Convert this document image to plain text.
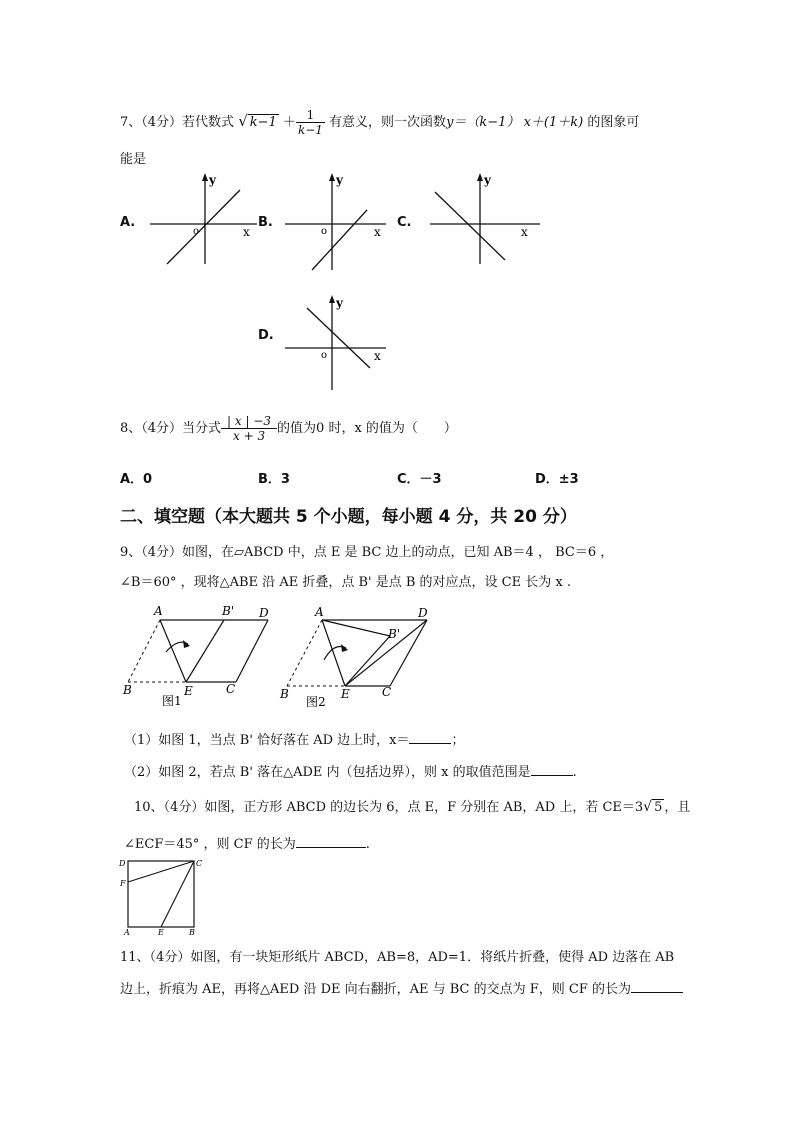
7、（4分）若代数式 √ $k-1 + \frac{1}{k-1}$ 有意义，则一次函数y＝（k−1） x＋(1＋k) 的图象可
能是
A.	B.	C.
D.
y
x
o
y
x
o
y
x
y
x
o
8、（4分）当分式 $\frac{| x | -3}{x + 3}$ 的值为0 时，x 的值为（　　）
A．0	B．3	C．－3	D．±3
二、填空题（本大题共 5 个小题，每小题 4 分，共 20 分）
9、（4分）如图，在▱ABCD 中，点 E 是 BC 边上的动点，已知 AB＝4 ， BC＝6 ，
∠B＝60° ，现将△ABE 沿 AE 折叠，点 B' 是点 B 的对应点，设 CE 长为 x .
A	B' D
B	E	C
图1
A	D
B'
B	E	C
图2
（1）如图 1，当点 B' 恰好落在 AD 边上时，x＝	；
（2）如图 2，若点 B' 落在△ADE 内（包括边界），则 x 的取值范围是	.
10、（4分）如图，正方形 ABCD 的边长为 6，点 E，F 分别在 AB，AD 上，若 CE＝3√ 5 ，且
∠ECF＝45° ，则 CF 的长为	.
D	C
F
A	E	B
11、（4分）如图，有一块矩形纸片 ABCD，AB=8，AD=1．将纸片折叠，使得 AD 边落在 AB
边上，折痕为 AE，再将△AED 沿 DE 向右翻折，AE 与 BC 的交点为 F，则 CF 的长为
